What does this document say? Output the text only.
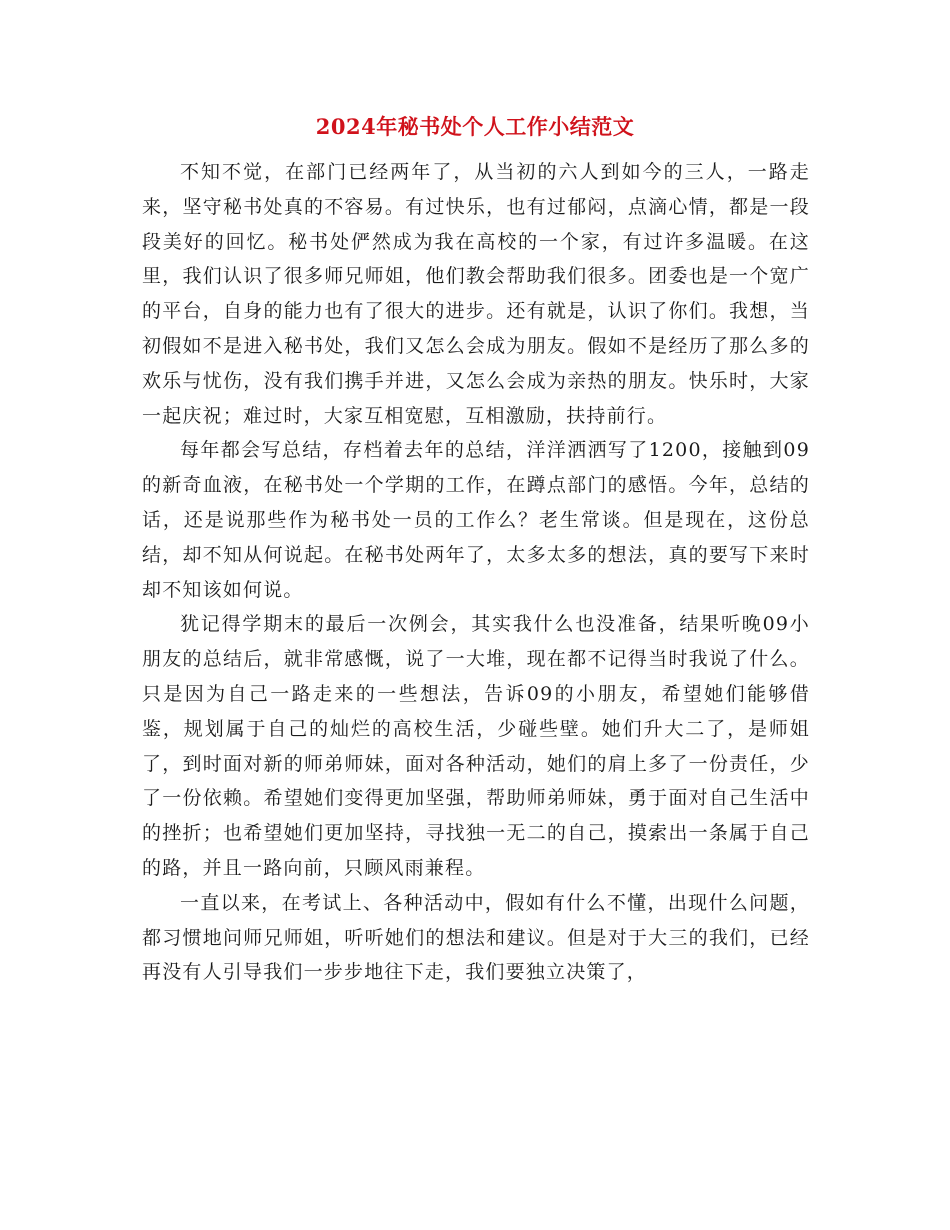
2024年秘书处个人工作小结范文

不知不觉，在部门已经两年了，从当初的六人到如今的三人，一路走来，坚守秘书处真的不容易。有过快乐，也有过郁闷，点滴心情，都是一段段美好的回忆。秘书处俨然成为我在高校的一个家，有过许多温暖。在这里，我们认识了很多师兄师姐，他们教会帮助我们很多。团委也是一个宽广的平台，自身的能力也有了很大的进步。还有就是，认识了你们。我想，当初假如不是进入秘书处，我们又怎么会成为朋友。假如不是经历了那么多的欢乐与忧伤，没有我们携手并进，又怎么会成为亲热的朋友。快乐时，大家一起庆祝；难过时，大家互相宽慰，互相激励，扶持前行。

每年都会写总结，存档着去年的总结，洋洋洒洒写了1200，接触到09的新奇血液，在秘书处一个学期的工作，在蹲点部门的感悟。今年，总结的话，还是说那些作为秘书处一员的工作么？老生常谈。但是现在，这份总结，却不知从何说起。在秘书处两年了，太多太多的想法，真的要写下来时却不知该如何说。

犹记得学期末的最后一次例会，其实我什么也没准备，结果听晚09小朋友的总结后，就非常感慨，说了一大堆，现在都不记得当时我说了什么。只是因为自己一路走来的一些想法，告诉09的小朋友，希望她们能够借鉴，规划属于自己的灿烂的高校生活，少碰些壁。她们升大二了，是师姐了，到时面对新的师弟师妹，面对各种活动，她们的肩上多了一份责任，少了一份依赖。希望她们变得更加坚强，帮助师弟师妹，勇于面对自己生活中的挫折；也希望她们更加坚持，寻找独一无二的自己，摸索出一条属于自己的路，并且一路向前，只顾风雨兼程。

一直以来，在考试上、各种活动中，假如有什么不懂，出现什么问题，都习惯地问师兄师姐，听听她们的想法和建议。但是对于大三的我们，已经再没有人引导我们一步步地往下走，我们要独立决策了，
